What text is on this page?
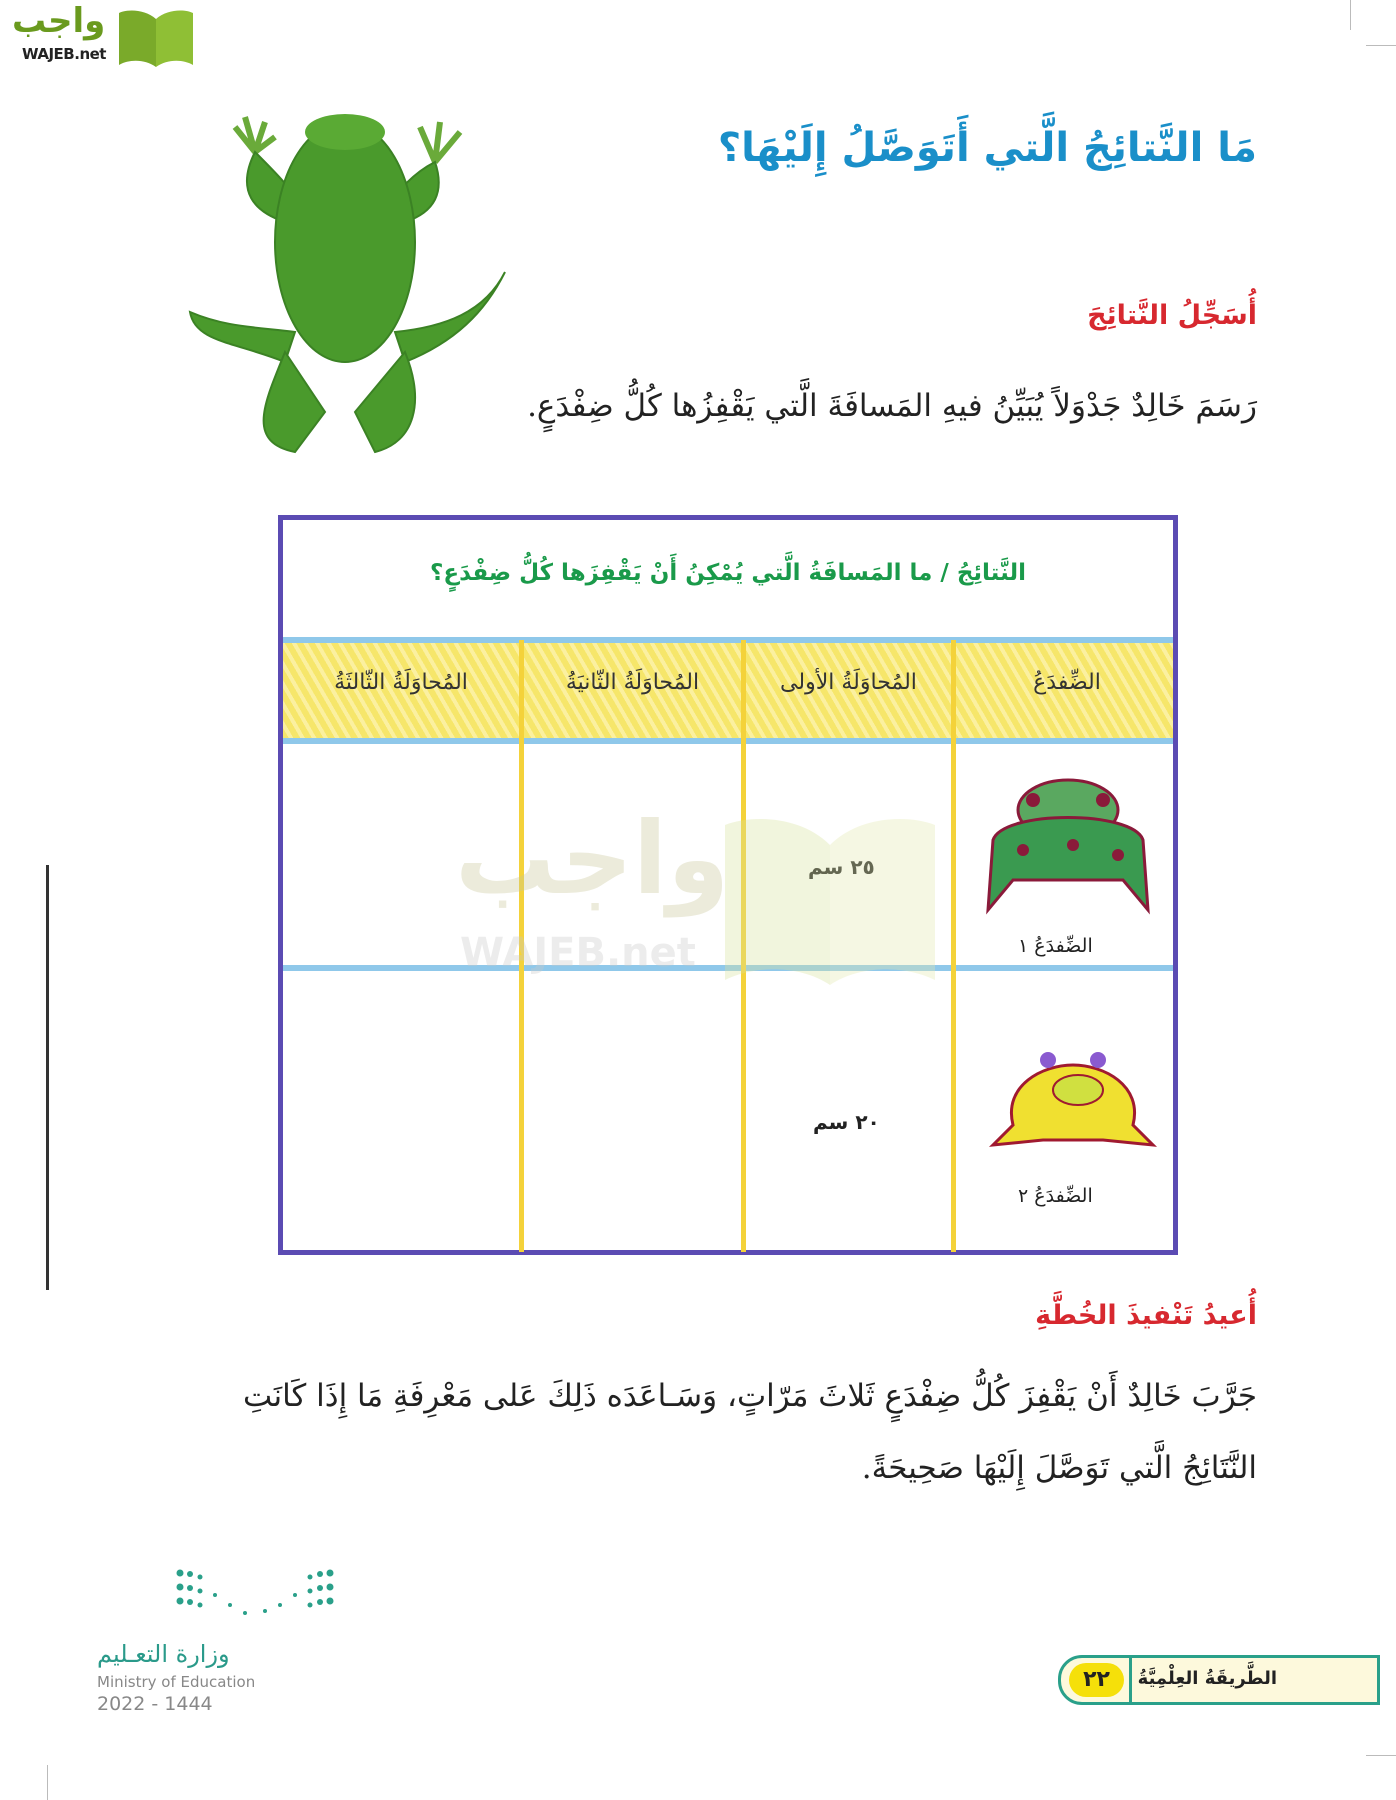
واجب
WAJEB.net
مَا النَّتائِجُ الَّتي أَتَوَصَّلُ إِلَيْهَا؟
أُسَجِّلُ النَّتائِجَ
رَسَمَ خَالِدٌ جَدْوَلاً يُبَيِّنُ فيهِ المَسافَةَ الَّتي يَقْفِزُها كُلُّ ضِفْدَعٍ.
النَّتائِجُ / ما المَسافَةُ الَّتي يُمْكِنُ أَنْ يَقْفِزَها كُلُّ ضِفْدَعٍ؟
الضِّفدَعُ
المُحاوَلَةُ الأولى
المُحاوَلَةُ الثّانيَةُ
المُحاوَلَةُ الثّالثَةُ
الضِّفدَعُ ١
٢٥ سم
الضِّفدَعُ ٢
٢٠ سم
واجب
WAJEB.net
أُعيدُ تَنْفيذَ الخُطَّةِ
جَرَّبَ خَالِدٌ أَنْ يَقْفِزَ كُلُّ ضِفْدَعٍ ثَلاثَ مَرّاتٍ، وَسَـاعَدَه ذَلِكَ عَلى مَعْرِفَةِ مَا إِذَا كَانَتِ النَّتَائِجُ الَّتي تَوَصَّلَ إِلَيْهَا صَحِيحَةً.
وزارة التعـليم
Ministry of Education
2022 - 1444
٢٢	الطَّريقَةُ العِلْمِيَّةُ
